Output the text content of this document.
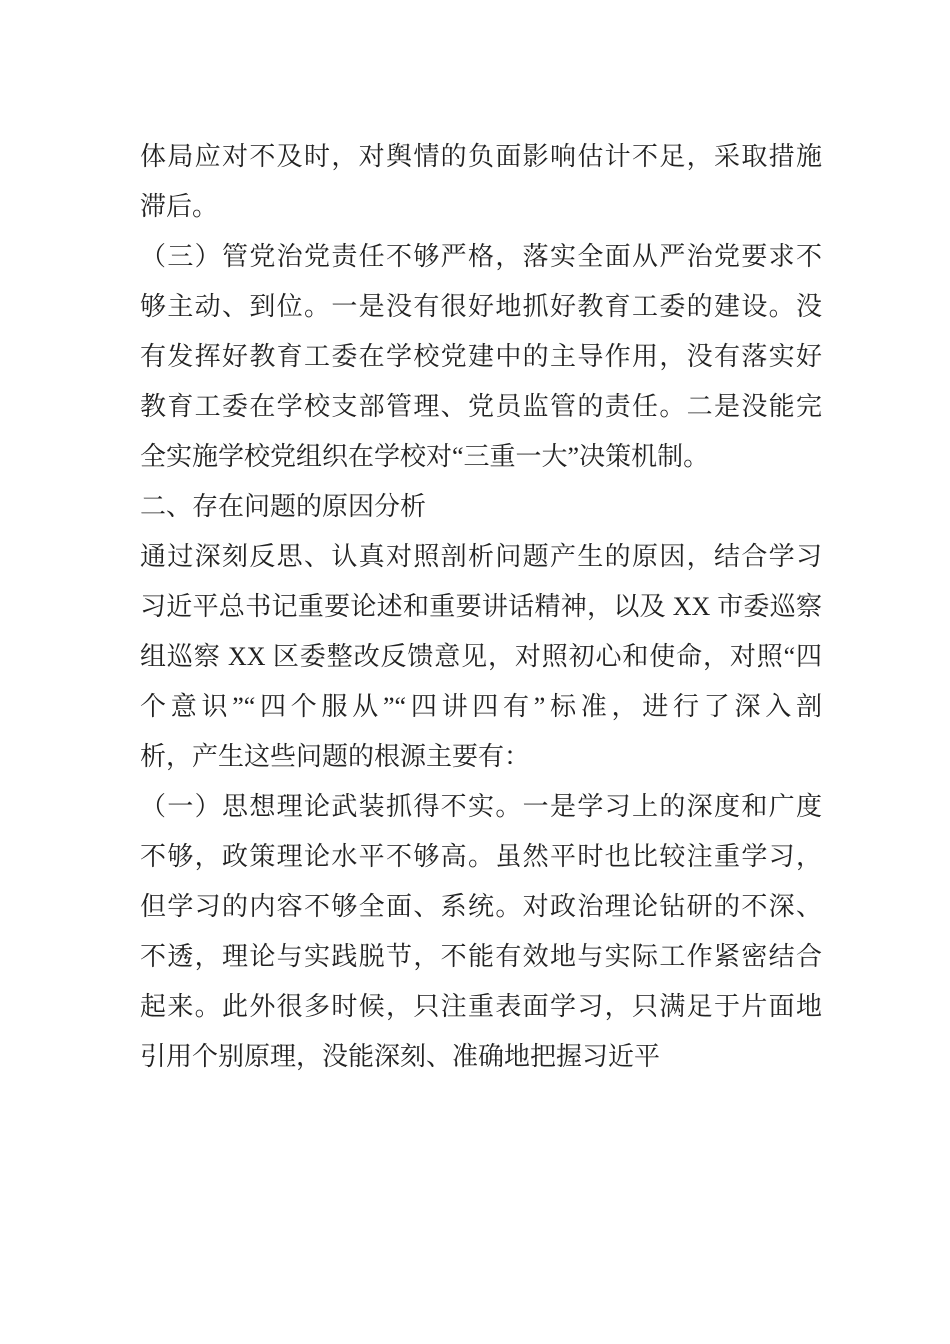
体局应对不及时，对舆情的负面影响估计不足，采取措施
滞后。
（三）管党治党责任不够严格，落实全面从严治党要求不
够主动、到位。一是没有很好地抓好教育工委的建设。没
有发挥好教育工委在学校党建中的主导作用，没有落实好
教育工委在学校支部管理、党员监管的责任。二是没能完
全实施学校党组织在学校对“三重一大”决策机制。
二、存在问题的原因分析
通过深刻反思、认真对照剖析问题产生的原因，结合学习
习近平总书记重要论述和重要讲话精神，以及 XX 市委巡察
组巡察 XX 区委整改反馈意见，对照初心和使命，对照“四
个意识”“四个服从”“四讲四有”标准，进行了深入剖
析，产生这些问题的根源主要有：
（一）思想理论武装抓得不实。一是学习上的深度和广度
不够，政策理论水平不够高。虽然平时也比较注重学习，
但学习的内容不够全面、系统。对政治理论钻研的不深、
不透，理论与实践脱节，不能有效地与实际工作紧密结合
起来。此外很多时候，只注重表面学习，只满足于片面地
引用个别原理，没能深刻、准确地把握习近平
